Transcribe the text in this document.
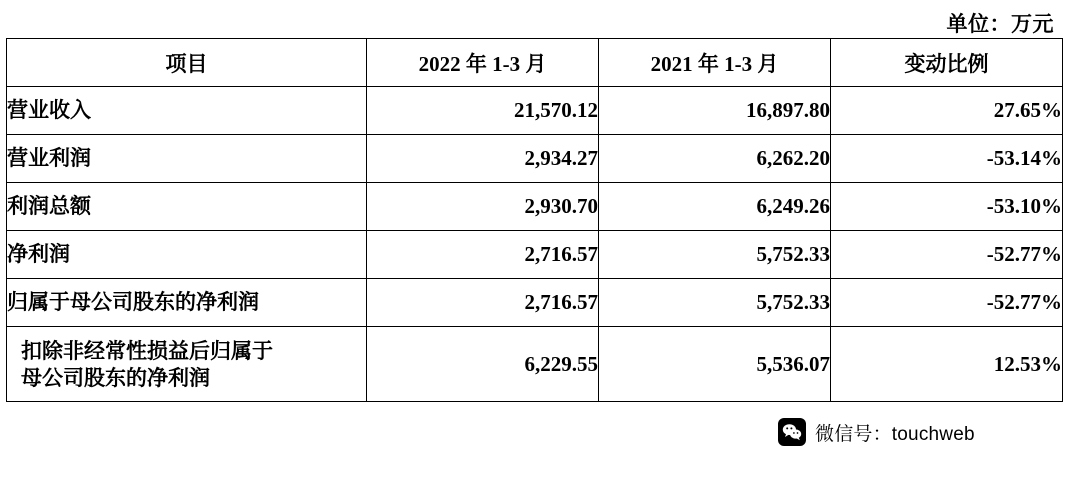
单位：万元
项目	2022 年 1-3 月	2021 年 1-3 月	变动比例
营业收入	21,570.12	16,897.80	27.65%
营业利润	2,934.27	6,262.20	-53.14%
利润总额	2,930.70	6,249.26	-53.10%
净利润	2,716.57	5,752.33	-52.77%
归属于母公司股东的净利润	2,716.57	5,752.33	-52.77%

扣除非经常性损益后归属于
母公司股东的净利润	6,229.55	5,536.07	12.53%
微信号：touchweb
